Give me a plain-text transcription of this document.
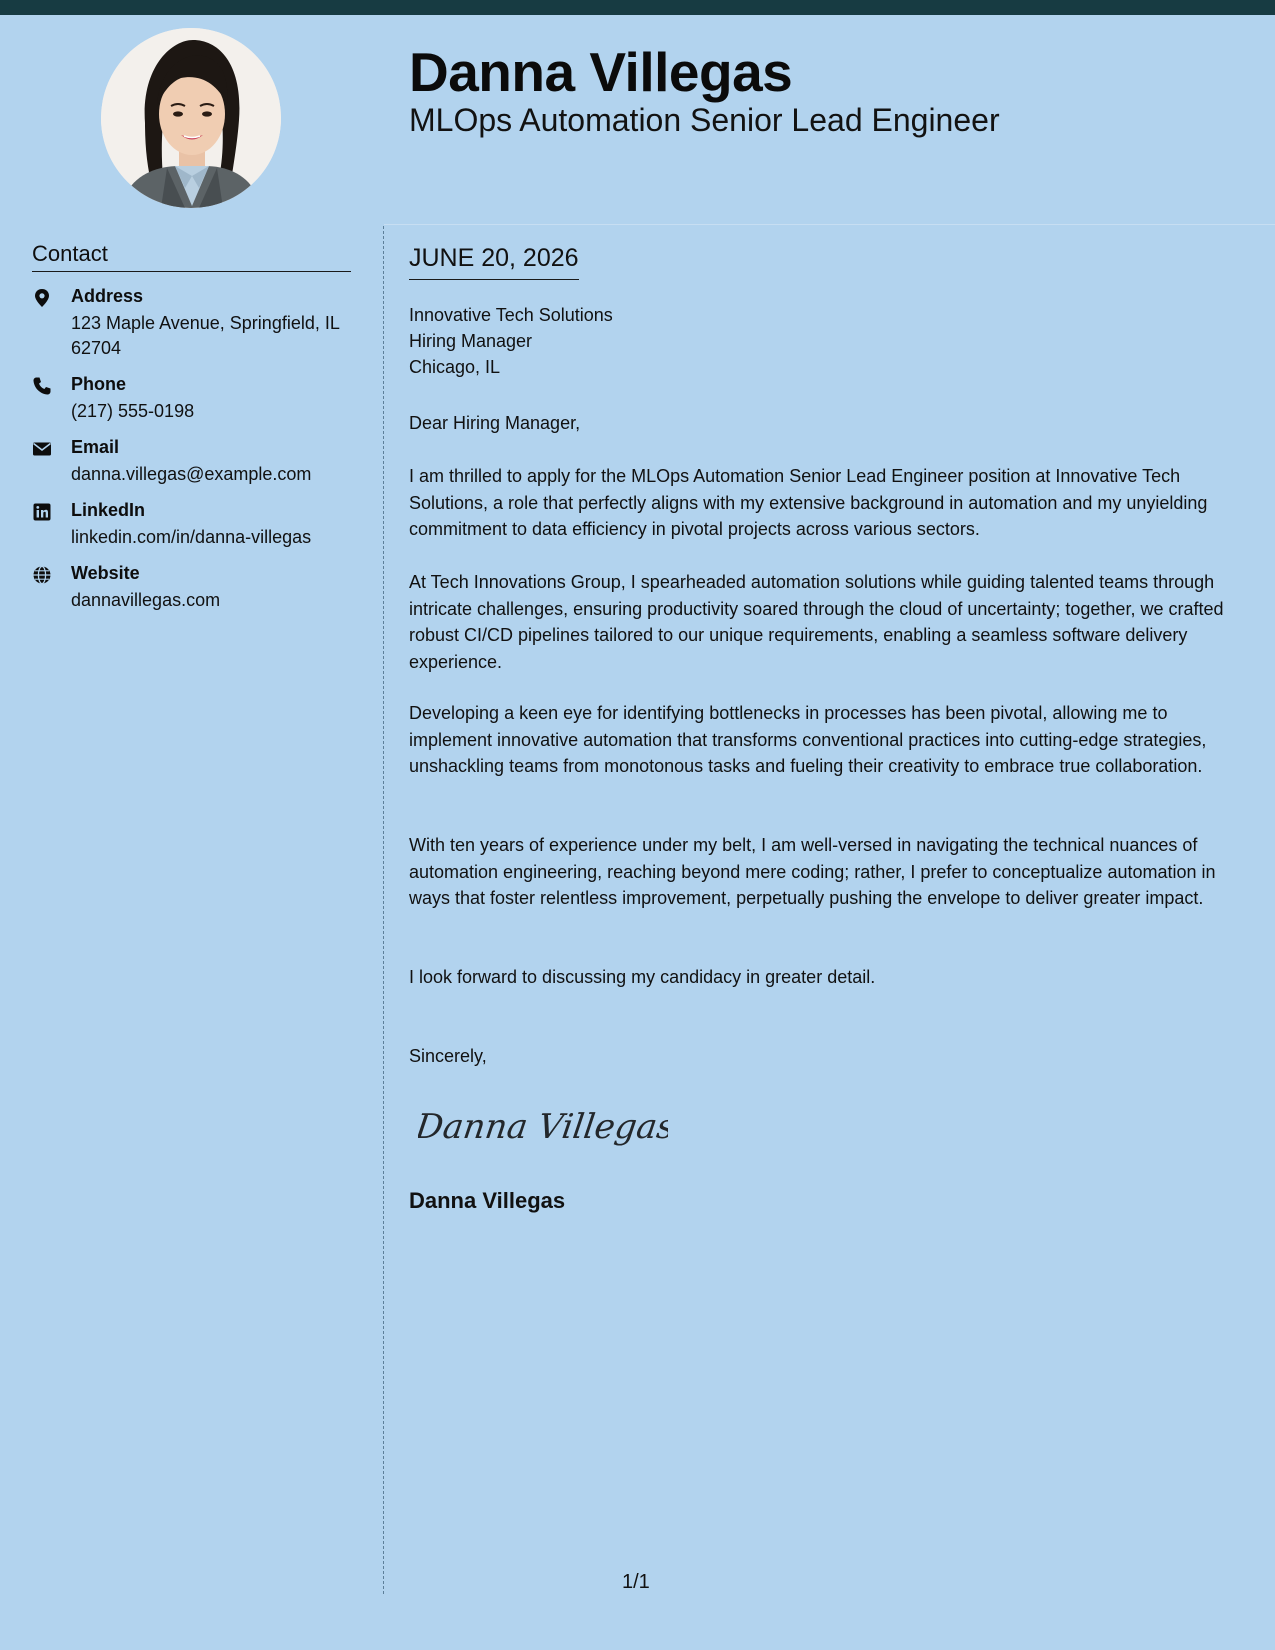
Danna Villegas
MLOps Automation Senior Lead Engineer
Contact
Address
123 Maple Avenue, Springfield, IL 62704
Phone
(217) 555-0198
Email
danna.villegas@example.com
LinkedIn
linkedin.com/in/danna-villegas
Website
dannavillegas.com
JUNE 20, 2026
Innovative Tech Solutions
Hiring Manager
Chicago, IL
Dear Hiring Manager,
I am thrilled to apply for the MLOps Automation Senior Lead Engineer position at Innovative Tech Solutions, a role that perfectly aligns with my extensive background in automation and my unyielding commitment to data efficiency in pivotal projects across various sectors.
At Tech Innovations Group, I spearheaded automation solutions while guiding talented teams through intricate challenges, ensuring productivity soared through the cloud of uncertainty; together, we crafted robust CI/CD pipelines tailored to our unique requirements, enabling a seamless software delivery experience.
Developing a keen eye for identifying bottlenecks in processes has been pivotal, allowing me to implement innovative automation that transforms conventional practices into cutting-edge strategies, unshackling teams from monotonous tasks and fueling their creativity to embrace true collaboration.
With ten years of experience under my belt, I am well-versed in navigating the technical nuances of automation engineering, reaching beyond mere coding; rather, I prefer to conceptualize automation in ways that foster relentless improvement, perpetually pushing the envelope to deliver greater impact.
I look forward to discussing my candidacy in greater detail.
Sincerely,
Danna Villegas
Danna Villegas
1/1
